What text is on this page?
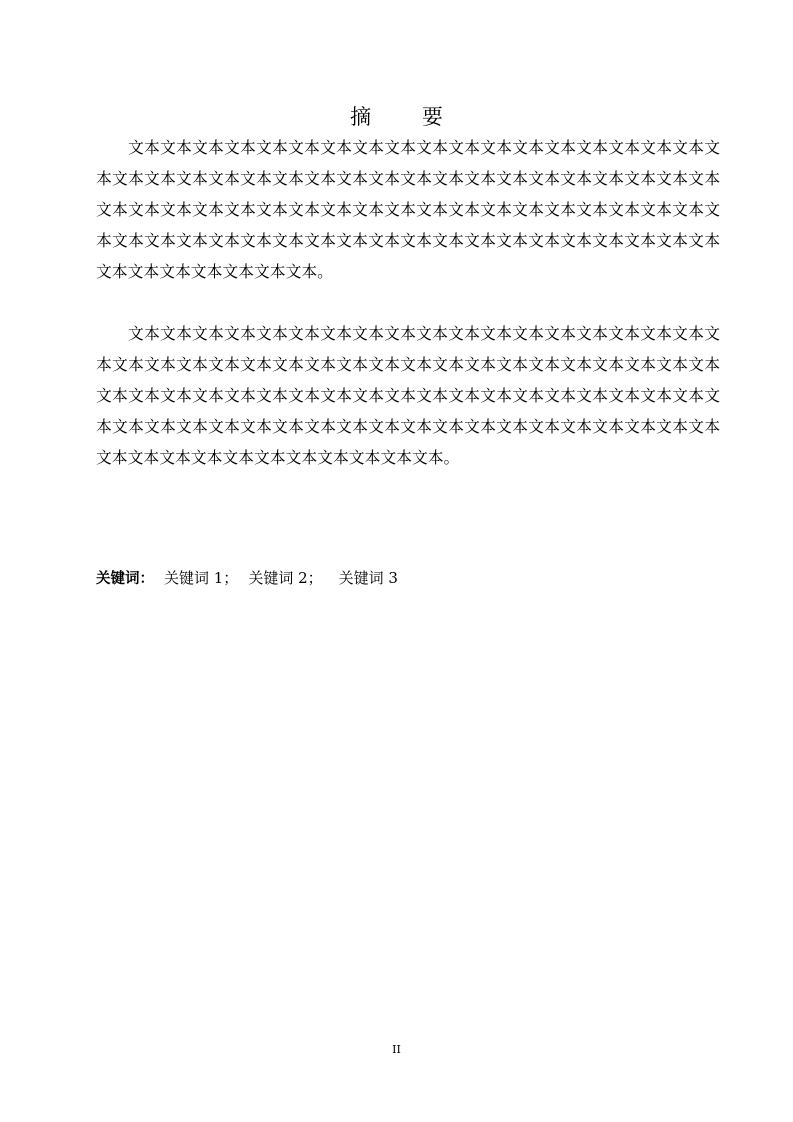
摘 要

文本文本文本文本文本文本文本文本文本文本文本文本文本文本文本文本文本文本文本文本文本文本文本文本文本文本文本文本文本文本文本文本文本文本文本文本文本文本文本文本文本文本文本文本文本文本文本文本文本文本文本文本文本文本文本文本文本文本文本文本文本文本文本文本文本文本文本文本文本文本文本文本文本文本文本文本文本文本文本文本文本文本文本文本。

文本文本文本文本文本文本文本文本文本文本文本文本文本文本文本文本文本文本文本文本文本文本文本文本文本文本文本文本文本文本文本文本文本文本文本文本文本文本文本文本文本文本文本文本文本文本文本文本文本文本文本文本文本文本文本文本文本文本文本文本文本文本文本文本文本文本文本文本文本文本文本文本文本文本文本文本文本文本文本文本文本文本文本文本文本文本文本文本。

关键词： 关键词 1； 关键词 2； 关键词 3
II
